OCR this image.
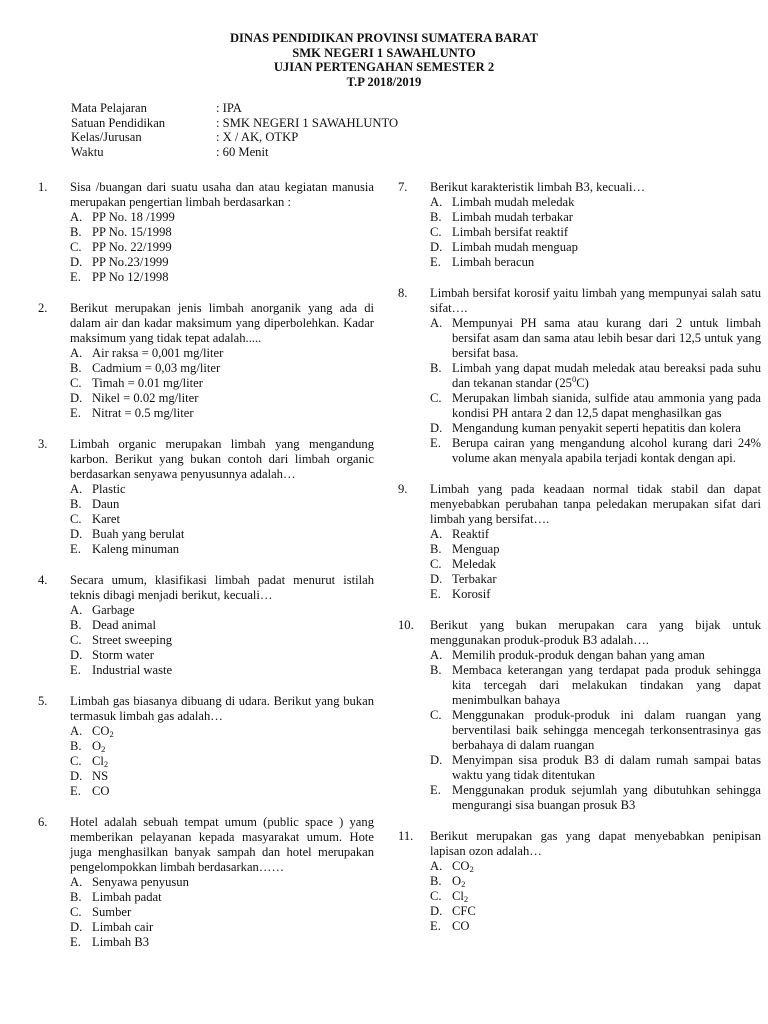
DINAS PENDIDIKAN PROVINSI SUMATERA BARAT
SMK NEGERI 1 SAWAHLUNTO
UJIAN PERTENGAHAN SEMESTER 2
T.P 2018/2019
Mata Pelajaran	: IPA
Satuan Pendidikan	: SMK NEGERI 1 SAWAHLUNTO
Kelas/Jurusan	: X / AK, OTKP
Waktu	: 60 Menit
1.	Sisa /buangan dari suatu usaha dan atau kegiatan manusia merupakan pengertian limbah berdasarkan :
A. PP No. 18 /1999
B. PP No. 15/1998
C. PP No. 22/1999
D. PP No.23/1999
E. PP No 12/1998
2.	Berikut merupakan jenis limbah anorganik yang ada di dalam air dan kadar maksimum yang diperbolehkan. Kadar maksimum yang tidak tepat adalah.....
A. Air raksa = 0,001 mg/liter
B. Cadmium = 0,03 mg/liter
C. Timah = 0.01 mg/liter
D. Nikel = 0.02 mg/liter
E. Nitrat = 0.5 mg/liter
3.	Limbah organic merupakan limbah yang mengandung karbon. Berikut yang bukan contoh dari limbah organic berdasarkan senyawa penyusunnya adalah…
A. Plastic
B. Daun
C. Karet
D. Buah yang berulat
E. Kaleng minuman
4.	Secara umum, klasifikasi limbah padat menurut istilah teknis dibagi menjadi berikut, kecuali…
A. Garbage
B. Dead animal
C. Street sweeping
D. Storm water
E. Industrial waste
5.	Limbah gas biasanya dibuang di udara. Berikut yang bukan termasuk limbah gas adalah…
A. $CO_2$
B. $O_2$
C. $Cl_2$
D. NS
E. CO
6.	Hotel adalah sebuah tempat umum (public space ) yang memberikan pelayanan kepada masyarakat umum. Hote juga menghasilkan banyak sampah dan hotel merupakan pengelompokkan limbah berdasarkan……
A. Senyawa penyusun
B. Limbah padat
C. Sumber
D. Limbah cair
E. Limbah B3
7.	Berikut karakteristik limbah B3, kecuali…
A. Limbah mudah meledak
B. Limbah mudah terbakar
C. Limbah bersifat reaktif
D. Limbah mudah menguap
E. Limbah beracun
8.	Limbah bersifat korosif yaitu limbah yang mempunyai salah satu sifat….
A. Mempunyai PH sama atau kurang dari 2 untuk limbah bersifat asam dan sama atau lebih besar dari 12,5 untuk yang bersifat basa.
B. Limbah yang dapat mudah meledak atau bereaksi pada suhu dan tekanan standar $(25^0C)$
C. Merupakan limbah sianida, sulfide atau ammonia yang pada kondisi PH antara 2 dan 12,5 dapat menghasilkan gas
D. Mengandung kuman penyakit seperti hepatitis dan kolera
E. Berupa cairan yang mengandung alcohol kurang dari 24% volume akan menyala apabila terjadi kontak dengan api.
9.	Limbah yang pada keadaan normal tidak stabil dan dapat menyebabkan perubahan tanpa peledakan merupakan sifat dari limbah yang bersifat….
A. Reaktif
B. Menguap
C. Meledak
D. Terbakar
E. Korosif
10.	Berikut yang bukan merupakan cara yang bijak untuk menggunakan produk-produk B3 adalah….
A. Memilih produk-produk dengan bahan yang aman
B. Membaca keterangan yang terdapat pada produk sehingga kita tercegah dari melakukan tindakan yang dapat menimbulkan bahaya
C. Menggunakan produk-produk ini dalam ruangan yang berventilasi baik sehingga mencegah terkonsentrasinya gas berbahaya di dalam ruangan
D. Menyimpan sisa produk B3 di dalam rumah sampai batas waktu yang tidak ditentukan
E. Menggunakan produk sejumlah yang dibutuhkan sehingga mengurangi sisa buangan prosuk B3
11.	Berikut merupakan gas yang dapat menyebabkan penipisan lapisan ozon adalah…
A. $CO_2$
B. $O_2$
C. $Cl_2$
D. CFC
E. CO
